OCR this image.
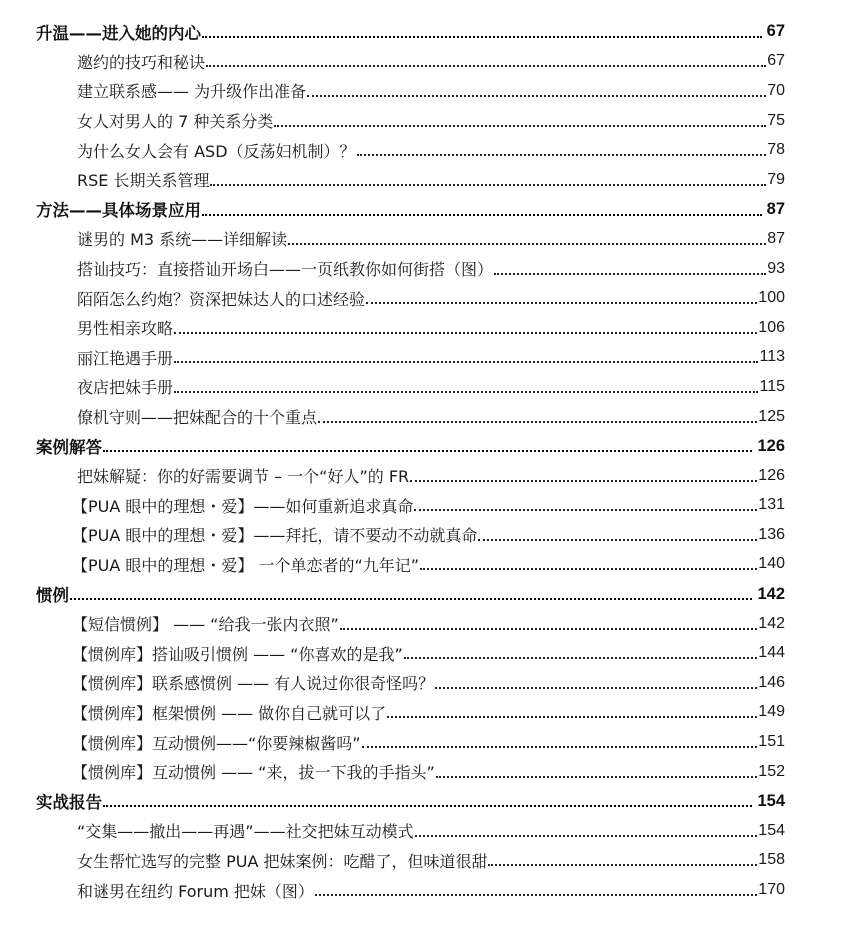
升温——进入她的内心	67
邀约的技巧和秘诀	67
建立联系感—— 为升级作出准备	70
女人对男人的 7 种关系分类	75
为什么女人会有 ASD（反荡妇机制）？	78
RSE 长期关系管理	79
方法——具体场景应用	87
谜男的 M3 系统——详细解读	87
搭讪技巧：直接搭讪开场白——一页纸教你如何街搭（图）	93
陌陌怎么约炮？资深把妹达人的口述经验	100
男性相亲攻略	106
丽江艳遇手册	113
夜店把妹手册	115
僚机守则——把妹配合的十个重点	125
案例解答	126
把妹解疑：你的好需要调节 – 一个“好人”的 FR	126
【PUA 眼中的理想・爱】——如何重新追求真命	131
【PUA 眼中的理想・爱】——拜托，请不要动不动就真命	136
【PUA 眼中的理想・爱】 一个单恋者的“九年记”	140
惯例	142
【短信惯例】 —— “给我一张内衣照”	142
【惯例库】搭讪吸引惯例 —— “你喜欢的是我”	144
【惯例库】联系感惯例 —— 有人说过你很奇怪吗？	146
【惯例库】框架惯例 —— 做你自己就可以了	149
【惯例库】互动惯例——“你要辣椒酱吗”	151
【惯例库】互动惯例 —— “来，拔一下我的手指头”	152
实战报告	154
“交集——撤出——再遇”——社交把妹互动模式	154
女生帮忙选写的完整 PUA 把妹案例：吃醋了，但味道很甜	158
和谜男在纽约 Forum 把妹（图）	170
